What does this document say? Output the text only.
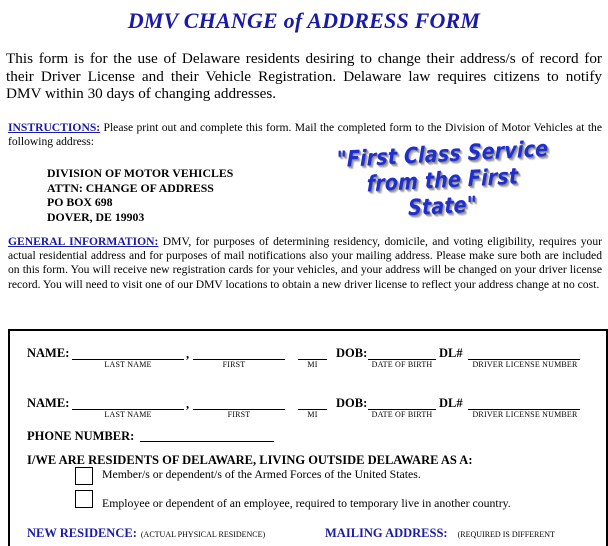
DMV CHANGE of ADDRESS FORM
This form is for the use of Delaware residents desiring to change their address/s of record for their Driver License and their Vehicle Registration. Delaware law requires citizens to notify DMV within 30 days of changing addresses.
INSTRUCTIONS: Please print out and complete this form. Mail the completed form to the Division of Motor Vehicles at the following address:
DIVISION OF MOTOR VEHICLES
ATTN: CHANGE OF ADDRESS
PO BOX 698
DOVER, DE 19903
"First Class Service
from the First State"
GENERAL INFORMATION: DMV, for purposes of determining residency, domicile, and voting eligibility, requires your actual residential address and for purposes of mail notifications also your mailing address. Please make sure both are included on this form. You will receive new registration cards for your vehicles, and your address will be changed on your driver license record. You will need to visit one of our DMV locations to obtain a new driver license to reflect your address change at no cost.
NAME:	,	DOB:	DL#
LAST NAME	FIRST	MI	DATE OF BIRTH	DRIVER LICENSE NUMBER
NAME:	,	DOB:	DL#
LAST NAME	FIRST	MI	DATE OF BIRTH	DRIVER LICENSE NUMBER
PHONE NUMBER:
I/WE ARE RESIDENTS OF DELAWARE, LIVING OUTSIDE DELAWARE AS A:
Member/s or dependent/s of the Armed Forces of the United States.
Employee or dependent of an employee, required to temporary live in another country.
NEW RESIDENCE: (ACTUAL PHYSICAL RESIDENCE)	MAILING ADDRESS: (REQUIRED IS DIFFERENT
